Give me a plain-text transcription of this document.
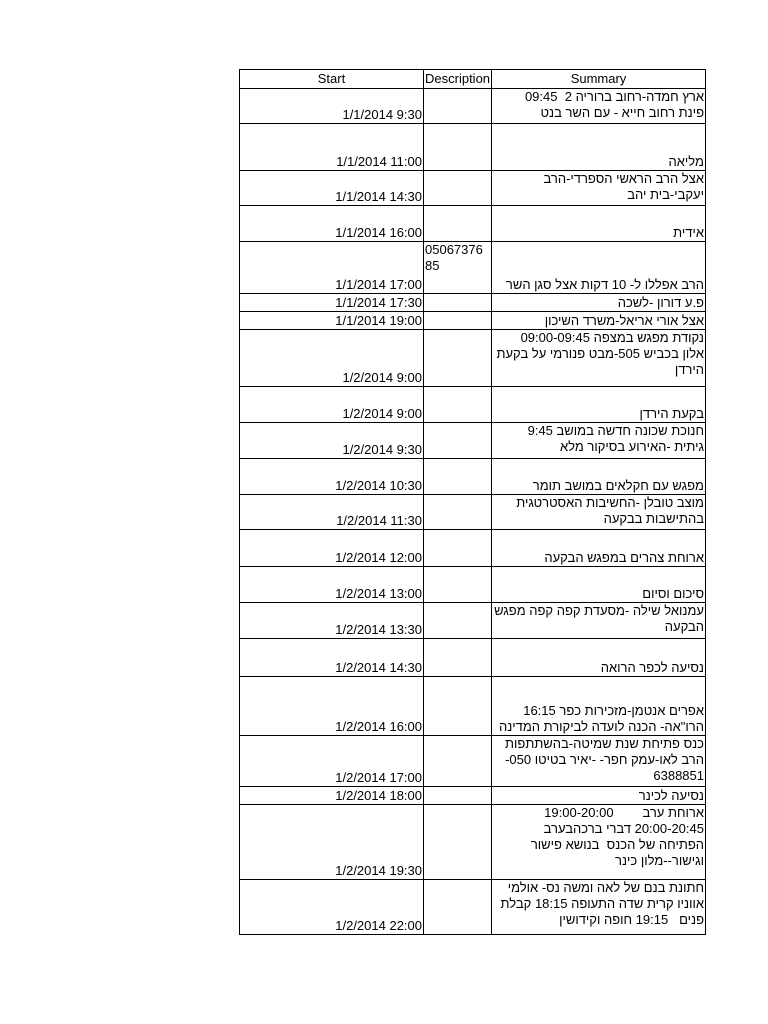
Start	Description	Summary
1/1/2014 9:30		ארץ חמדה-רחוב ברוריה 2  09:45
פינת רחוב חייא - עם השר בנט
1/1/2014 11:00		מליאה
1/1/2014 14:30		אצל הרב הראשי הספרדי-הרב
יעקבי-בית יהב
1/1/2014 16:00		אידית
1/1/2014 17:00	0506737685	הרב אפללו ל- 10 דקות אצל סגן השר
1/1/2014 17:30		פ.ע דורון -לשכה
1/1/2014 19:00		אצל אורי אריאל-משרד השיכון
1/2/2014 9:00		נקודת מפגש במצפה 09:00-09:45
אלון בכביש 505-מבט פנורמי על בקעת
הירדן
1/2/2014 9:00		בקעת הירדן
1/2/2014 9:30		חנוכת שכונה חדשה במושב 9:45
גיתית -האירוע בסיקור מלא
1/2/2014 10:30		מפגש עם חקלאים במושב תומר
1/2/2014 11:30		מוצב טובלן -החשיבות האסטרטגית
בהתישבות בבקעה
1/2/2014 12:00		ארוחת צהרים במפגש הבקעה
1/2/2014 13:00		סיכום וסיום
1/2/2014 13:30		עמנואל שילה -מסעדת קפה קפה מפגש
הבקעה
1/2/2014 14:30		נסיעה לכפר הרואה
1/2/2014 16:00		אפרים אנטמן-מזכירות כפר 16:15
הרו"אה- הכנה לועדה לביקורת המדינה
1/2/2014 17:00		כנס פתיחת שנת שמיטה-בהשתתפות
הרב לאו-עמק חפר- -יאיר בטיטו 050-
6388851
1/2/2014 18:00		נסיעה לכינר
1/2/2014 19:30		ארוחת ערב        19:00-20:00
20:00-20:45 דברי ברכהבערב
הפתיחה של הכנס  בנושא פישור
וגישור--מלון כינר
1/2/2014 22:00		חתונת בנם של לאה ומשה נס- אולמי
אווניו קרית שדה התעופה 18:15 קבלת
פנים   19:15 חופה וקידושין
